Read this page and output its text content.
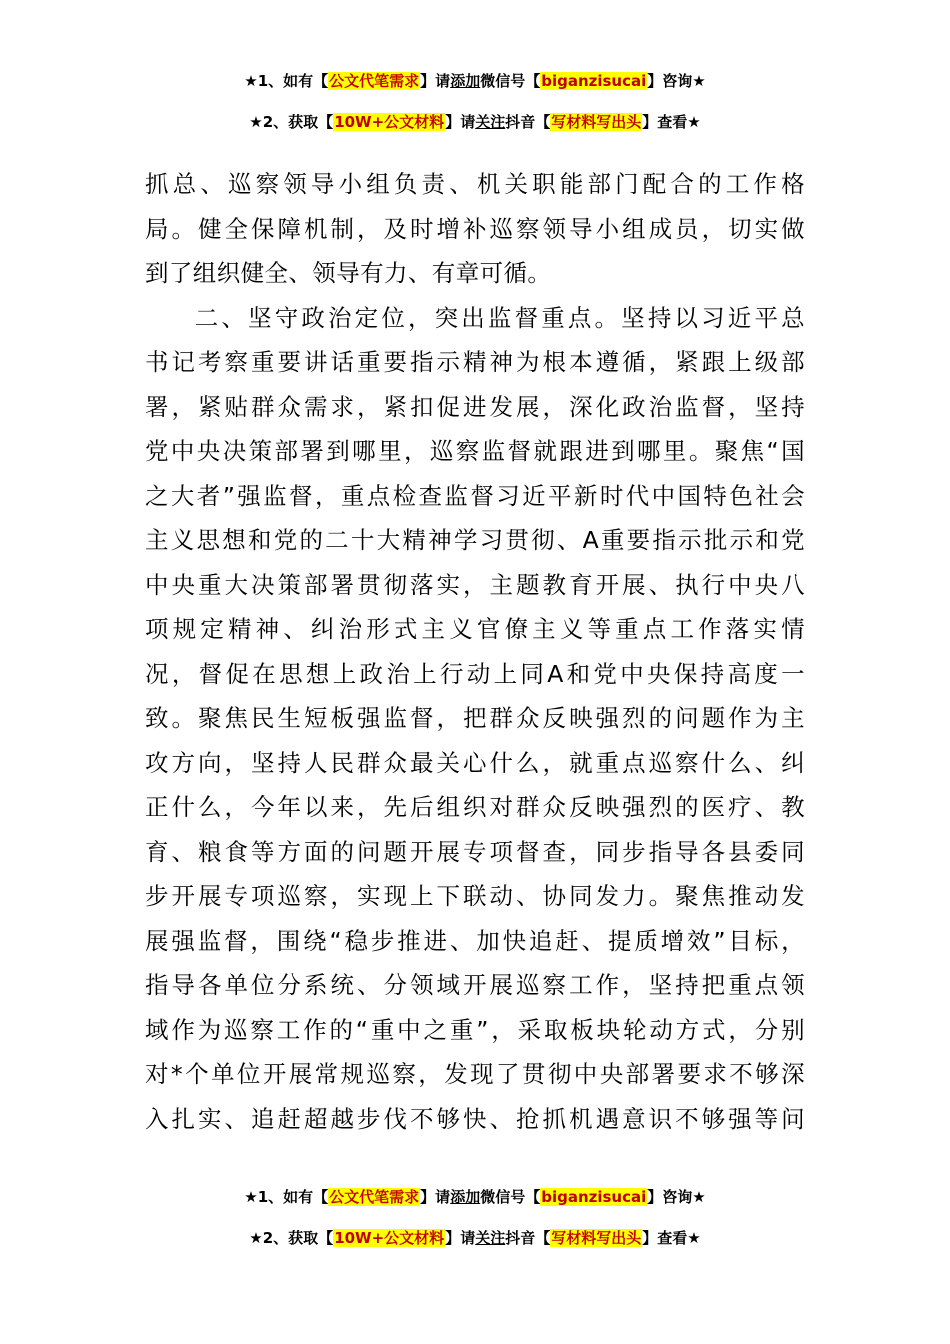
★1、如有【公文代笔需求】请添加微信号【biganzisucai】咨询★
★2、获取【10W+公文材料】请关注抖音【写材料写出头】查看★

抓总、巡察领导小组负责、机关职能部门配合的工作格
局。健全保障机制，及时增补巡察领导小组成员，切实做
到了组织健全、领导有力、有章可循。

二、坚守政治定位，突出监督重点。坚持以习近平总
书记考察重要讲话重要指示精神为根本遵循，紧跟上级部
署，紧贴群众需求，紧扣促进发展，深化政治监督，坚持
党中央决策部署到哪里，巡察监督就跟进到哪里。聚焦“国
之大者”强监督，重点检查监督习近平新时代中国特色社会
主义思想和党的二十大精神学习贯彻、A重要指示批示和党
中央重大决策部署贯彻落实，主题教育开展、执行中央八
项规定精神、纠治形式主义官僚主义等重点工作落实情
况，督促在思想上政治上行动上同A和党中央保持高度一
致。聚焦民生短板强监督，把群众反映强烈的问题作为主
攻方向，坚持人民群众最关心什么，就重点巡察什么、纠
正什么，今年以来，先后组织对群众反映强烈的医疗、教
育、粮食等方面的问题开展专项督查，同步指导各县委同
步开展专项巡察，实现上下联动、协同发力。聚焦推动发
展强监督，围绕“稳步推进、加快追赶、提质增效”目标，
指导各单位分系统、分领域开展巡察工作，坚持把重点领
域作为巡察工作的“重中之重”，采取板块轮动方式，分别
对*个单位开展常规巡察，发现了贯彻中央部署要求不够深
入扎实、追赶超越步伐不够快、抢抓机遇意识不够强等问

★1、如有【公文代笔需求】请添加微信号【biganzisucai】咨询★
★2、获取【10W+公文材料】请关注抖音【写材料写出头】查看★
